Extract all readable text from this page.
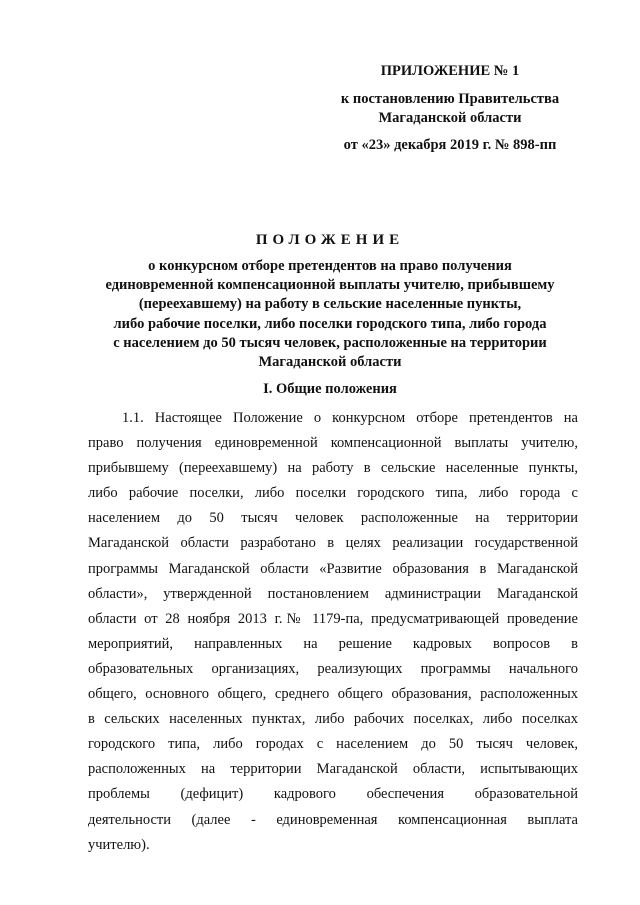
ПРИЛОЖЕНИЕ № 1
к постановлению Правительства
Магаданской области
от «23» декабря 2019 г. № 898-пп
ПОЛОЖЕНИЕ
о конкурсном отборе претендентов на право получения
единовременной компенсационной выплаты учителю, прибывшему
(переехавшему) на работу в сельские населенные пункты,
либо рабочие поселки, либо поселки городского типа, либо города
с населением до 50 тысяч человек, расположенные на территории
Магаданской области
I. Общие положения
1.1. Настоящее Положение о конкурсном отборе претендентов на
право получения единовременной компенсационной выплаты учителю,
прибывшему (переехавшему) на работу в сельские населенные пункты,
либо рабочие поселки, либо поселки городского типа, либо города с
населением до 50 тысяч человек расположенные на территории
Магаданской области разработано в целях реализации государственной
программы Магаданской области «Развитие образования в Магаданской
области», утвержденной постановлением администрации Магаданской
области от 28 ноября 2013 г.№ 1179-па, предусматривающей проведение
мероприятий, направленных на решение кадровых вопросов в
образовательных организациях, реализующих программы начального
общего, основного общего, среднего общего образования, расположенных
в сельских населенных пунктах, либо рабочих поселках, либо поселках
городского типа, либо городах с населением до 50 тысяч человек,
расположенных на территории Магаданской области, испытывающих
проблемы (дефицит) кадрового обеспечения образовательной
деятельности (далее - единовременная компенсационная выплата
учителю).
